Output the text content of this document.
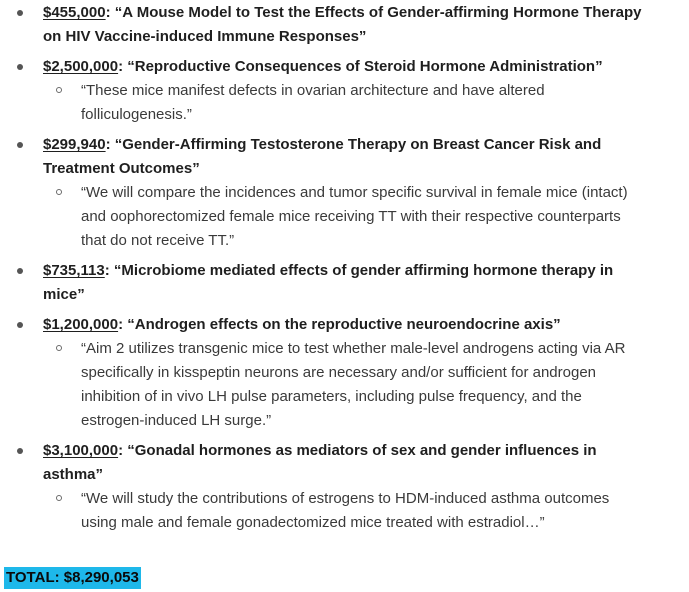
$455,000: “A Mouse Model to Test the Effects of Gender-affirming Hormone Therapy on HIV Vaccine-induced Immune Responses”
$2,500,000: “Reproductive Consequences of Steroid Hormone Administration”
“These mice manifest defects in ovarian architecture and have altered folliculogenesis.”
$299,940: “Gender-Affirming Testosterone Therapy on Breast Cancer Risk and Treatment Outcomes”
“We will compare the incidences and tumor specific survival in female mice (intact) and oophorectomized female mice receiving TT with their respective counterparts that do not receive TT.”
$735,113: “Microbiome mediated effects of gender affirming hormone therapy in mice”
$1,200,000: “Androgen effects on the reproductive neuroendocrine axis”
“Aim 2 utilizes transgenic mice to test whether male-level androgens acting via AR specifically in kisspeptin neurons are necessary and/or sufficient for androgen inhibition of in vivo LH pulse parameters, including pulse frequency, and the estrogen-induced LH surge.”
$3,100,000: “Gonadal hormones as mediators of sex and gender influences in asthma”
“We will study the contributions of estrogens to HDM-induced asthma outcomes using male and female gonadectomized mice treated with estradiol…”
TOTAL: $8,290,053
